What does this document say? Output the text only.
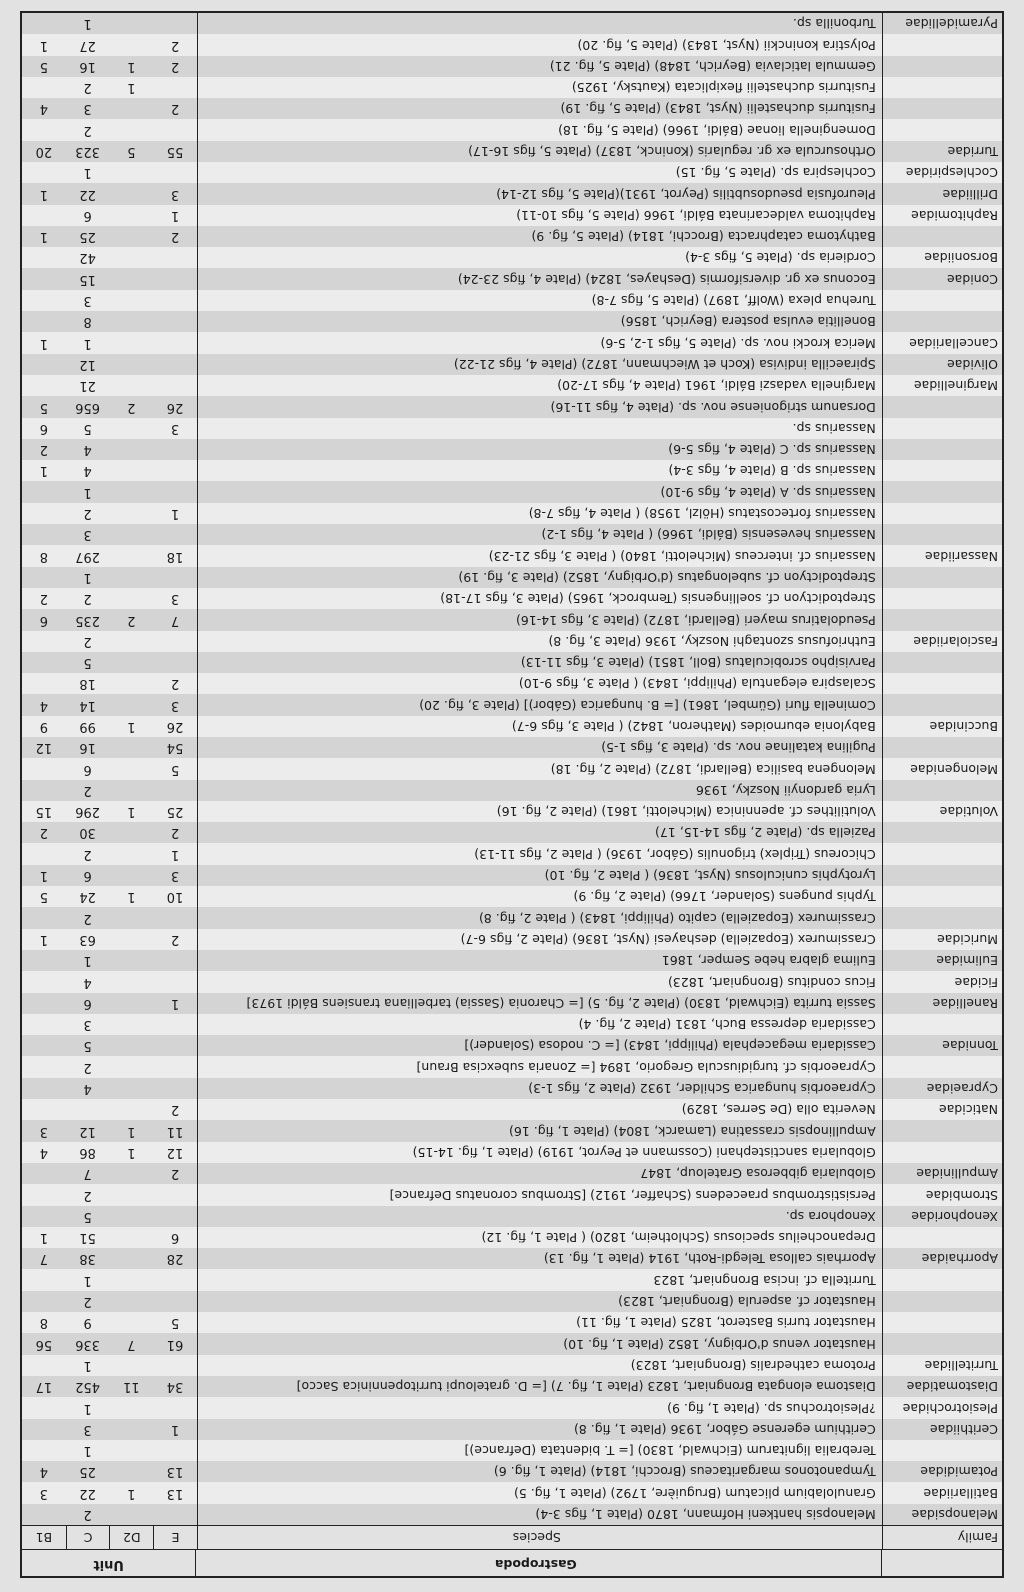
Gastropoda
Unit
Family
Species
E
D2
C
B1
Melanopsidae
Melanopsis hantkeni Hofmann, 1870 (Plate 1, figs 3-4)
2
Batillariidae
Granulolabium plicatum (Bruguière, 1792) (Plate 1, fig. 5)
13
1
22
3
Potamididae
Tympanotonos margaritaceus (Brocchi, 1814) (Plate 1, fig. 6)
13
25
4
Terebralia lignitarum (Eichwald, 1830) [= T. bidentata (Defrance)]
1
Cerithiidae
Cerithium egerense Gábor, 1936 (Plate 1, fig. 8)
1
3
Plesiotrochidae
?Plesiotrochus sp. (Plate 1, fig. 9)
1
Diastomatidae
Diastoma elongata Brongniart, 1823 (Plate 1, fig. 7) [= D. grateloupi turritopenninica Sacco]
34
11
452
17
Turritellidae
Protoma cathedralis (Brongniart, 1823)
1
Haustator venus d'Orbigny, 1852 (Plate 1, fig. 10)
61
7
336
56
Haustator turris Basterot, 1825 (Plate 1, fig. 11)
5
9
8
Haustator cf. asperula (Brongniart, 1823)
2
Turritella cf. incisa Brongniart, 1823
1
Aporrhaidae
Aporrhais callosa Telegdi-Roth, 1914 (Plate 1, fig. 13)
28
38
7
Drepanocheilus speciosus (Schlotheim, 1820) ( Plate 1, fig. 12)
6
51
1
Xenophoridae
Xenophora sp.
5
Strombidae
Persististrombus praecedens (Schaffer, 1912) [Strombus coronatus Defrance]
2
Ampullinidae
Globularia gibberosa Grateloup, 1847
2
7
Globularia sanctistephani (Cossmann et Peyrot, 1919) (Plate 1, fig. 14-15)
12
1
86
4
Ampullinopsis crassatina (Lamarck, 1804) (Plate 1, fig. 16)
11
1
12
3
Naticidae
Neverita olla (De Serres, 1829)
2
Cypraeidae
Cypraeorbis hungarica Schilder, 1932 (Plate 2, figs 1-3)
4
Cypraeorbis cf. turgidiuscula Gregorio, 1894 [= Zonaria subexcisa Braun]
2
Tonnidae
Cassidaria megacephala (Philippi, 1843) [= C. nodosa (Solander)]
5
Cassidaria depressa Buch, 1831 (Plate 2, fig. 4)
3
Ranellidae
Sassia turrita (Eichwald, 1830) (Plate 2, fig. 5) [= Charonia (Sassia) tarbelliana transiens Báldi 1973]
1
6
Ficidae
Ficus conditus (Brongniart, 1823)
4
Eulimidae
Eulima glabra hebe Semper, 1861
1
Muricidae
Crassimurex (Eopaziella) deshayesi (Nyst, 1836) (Plate 2, figs 6-7)
2
63
1
Crassimurex (Eopaziella) capito (Philippi, 1843) ( Plate 2, fig. 8)
2
Typhis pungens (Solander, 1766) (Plate 2, fig. 9)
10
1
24
5
Lyrotyphis cuniculosus (Nyst, 1836) ( Plate 2, fig. 10)
3
6
1
Chicoreus (Triplex) trigonulis (Gábor, 1936) ( Plate 2, figs 11-13)
1
2
Paziella sp. (Plate 2, figs 14-15, 17)
2
30
2
Volutidae
Volutilithes cf. apenninica (Michelotti, 1861) (Plate 2, fig. 16)
25
1
296
15
Lyria gardonyii Noszky, 1936
2
Melongenidae
Melongena basilica (Bellardi, 1872) (Plate 2, fig. 18)
5
6
Pugilina katalinae nov. sp. (Plate 3, figs 1-5)
54
16
12
Buccinidae
Babylonia eburnoides (Matheron, 1842) ( Plate 3, figs 6-7)
26
1
99
9
Cominella fluri (Gümbel, 1861) [= B. hungarica (Gábor)] (Plate 3, fig. 20)
3
14
4
Scalaspira elegantula (Philippi, 1843) ( Plate 3, figs 9-10)
2
18
Parvisipho scrobiculatus (Boll, 1851) (Plate 3, figs 11-13)
5
Fasciolariidae
Euthriofusus szontaghi Noszky, 1936 (Plate 3, fig. 8)
2
Pseudolatirus mayeri (Bellardi, 1872) (Plate 3, figs 14-16)
7
2
235
6
Streptodictyon cf. soellingensis (Tembrock, 1965) (Plate 3, figs 17-18)
3
2
2
Streptodictyon cf. subelongatus (d'Orbigny, 1852) (Plate 3, fig. 19)
1
Nassariidae
Nassarius cf. interceus (Michelotti, 1840) ( Plate 3, figs 21-23)
18
297
8
Nassarius hevesensis (Báldi, 1966) ( Plate 4, figs 1-2)
3
Nassarius fortecostatus (Hölzl, 1958) ( Plate 4, figs 7-8)
1
2
Nassarius sp. A (Plate 4, figs 9-10)
1
Nassarius sp. B (Plate 4, figs 3-4)
4
1
Nassarius sp. C (Plate 4, figs 5-6)
4
2
Nassarius sp.
3
5
6
Dorsanum strigoniense nov. sp. (Plate 4, figs 11-16)
26
2
656
5
Marginellidae
Marginella vadaszi Báldi, 1961 (Plate 4, figs 17-20)
21
Olividae
Spiraecilla indivisa (Koch et Wiechmann, 1872) (Plate 4, figs 21-22)
12
Cancellariidae
Merica krocki nov. sp. (Plate 5, figs 1-2, 5-6)
1
1
Bonellitia evulsa postera (Beyrich, 1856)
8
Turehua plexa (Wolff, 1897) (Plate 5, figs 7-8)
3
Conidae
Eoconus ex gr. diversiformis (Deshayes, 1824) (Plate 4, figs 23-24)
15
Borsoniidae
Cordieria sp. (Plate 5, figs 3-4)
42
Bathytoma cataphracta (Brocchi, 1814) (Plate 5, fig. 9)
2
25
1
Raphitomidae
Raphitoma valdecarinata Báldi, 1966 (Plate 5, figs 10-11)
1
6
Drilliidae
Pleurofusia pseudosubtilis (Peyrot, 1931)(Plate 5, figs 12-14)
3
22
1
Cochlespiridae
Cochlespira sp. (Plate 5, fig. 15)
1
Turridae
Orthosurcula ex gr. regularis (Koninck, 1837) (Plate 5, figs 16-17)
55
5
323
20
Domenginella lionae (Báldi, 1966) (Plate 5, fig. 18)
2
Fusiturris duchastelii (Nyst, 1843) (Plate 5, fig. 19)
2
3
4
Fusiturris duchastelii flexiplicata (Kautsky, 1925)
1
2
Gemmula laticlavia (Beyrich, 1848) (Plate 5, fig. 21)
2
1
16
5
Polystira koninckii (Nyst, 1843) (Plate 5, fig. 20)
2
27
1
Pyramidellidae
Turbonilla sp.
1
